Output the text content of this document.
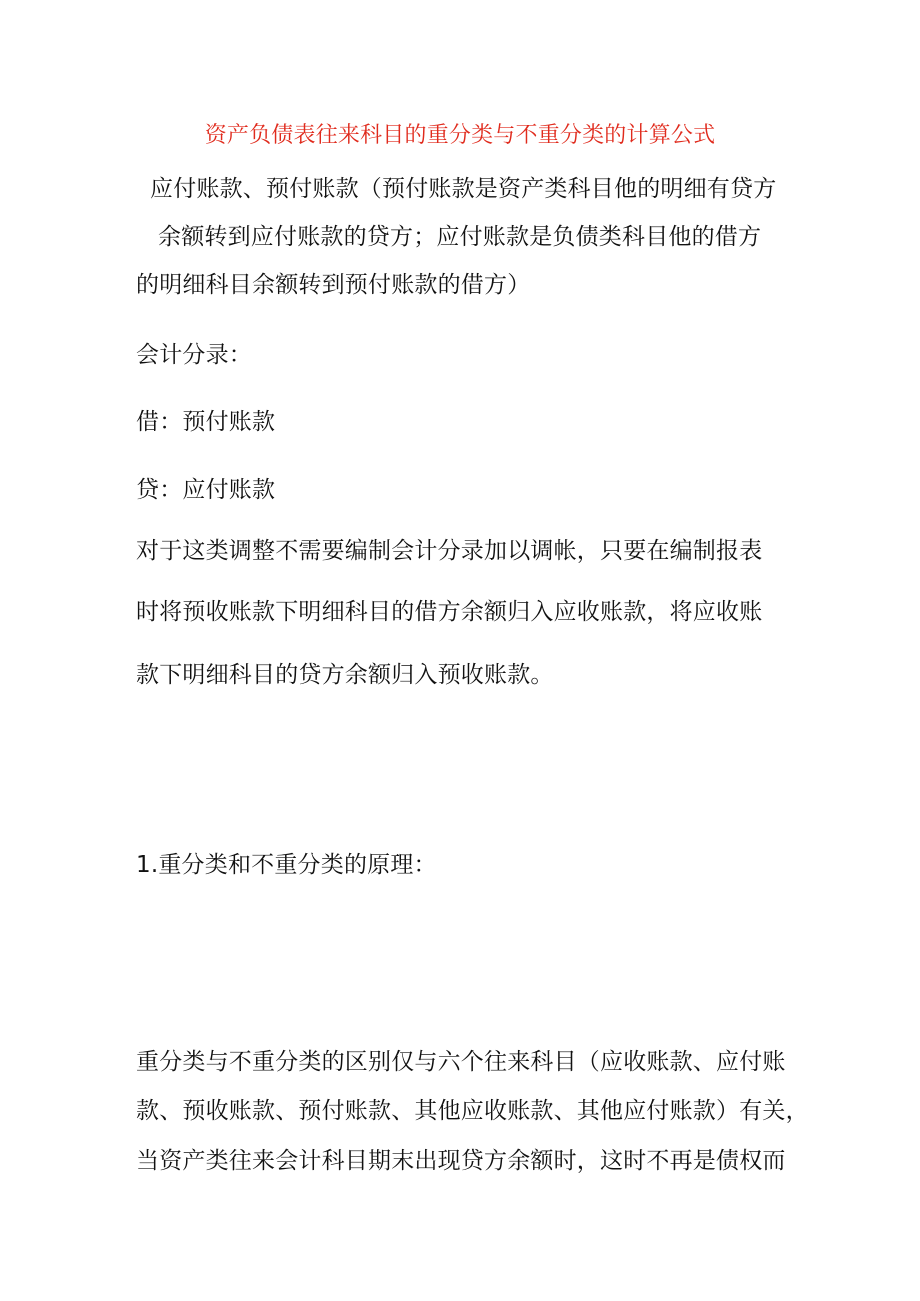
资产负债表往来科目的重分类与不重分类的计算公式
应付账款、预付账款（预付账款是资产类科目他的明细有贷方
余额转到应付账款的贷方；应付账款是负债类科目他的借方
的明细科目余额转到预付账款的借方）
会计分录：
借：预付账款
贷：应付账款
对于这类调整不需要编制会计分录加以调帐，只要在编制报表
时将预收账款下明细科目的借方余额归入应收账款，将应收账
款下明细科目的贷方余额归入预收账款。
1.重分类和不重分类的原理：
重分类与不重分类的区别仅与六个往来科目（应收账款、应付账
款、预收账款、预付账款、其他应收账款、其他应付账款）有关，
当资产类往来会计科目期末出现贷方余额时，这时不再是债权而
